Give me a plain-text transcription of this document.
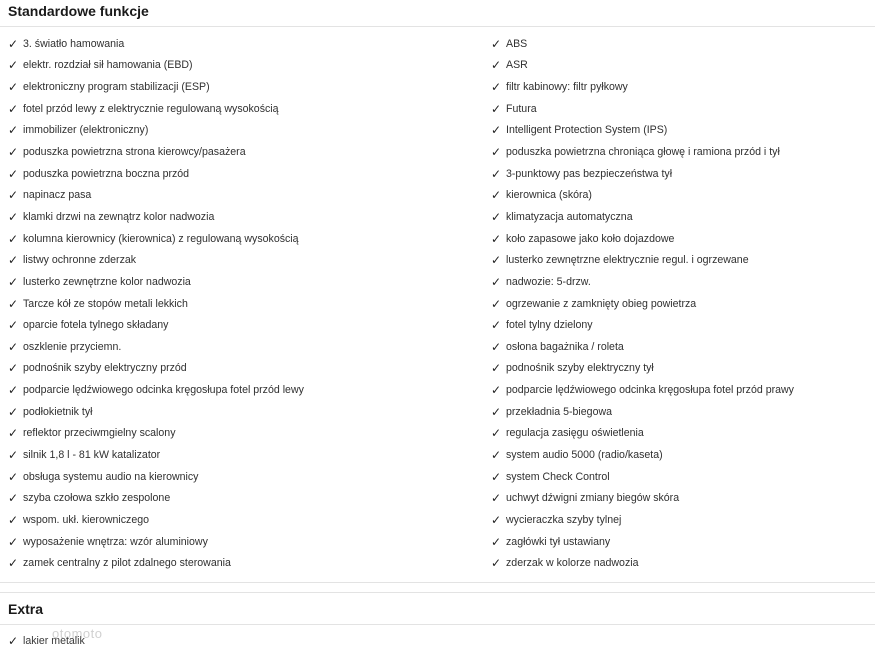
Standardowe funkcje
✓ 3. światło hamowania
✓ elektr. rozdział sił hamowania (EBD)
✓ elektroniczny program stabilizacji (ESP)
✓ fotel przód lewy z elektrycznie regulowaną wysokością
✓ immobilizer (elektroniczny)
✓ poduszka powietrzna strona kierowcy/pasażera
✓ poduszka powietrzna boczna przód
✓ napinacz pasa
✓ klamki drzwi na zewnątrz kolor nadwozia
✓ kolumna kierownicy (kierownica) z regulowaną wysokością
✓ listwy ochronne zderzak
✓ lusterko zewnętrzne kolor nadwozia
✓ Tarcze kół ze stopów metali lekkich
✓ oparcie fotela tylnego składany
✓ oszklenie przyciemn.
✓ podnośnik szyby elektryczny przód
✓ podparcie lędźwiowego odcinka kręgosłupa fotel przód lewy
✓ podłokietnik tył
✓ reflektor przeciwmgielny scalony
✓ silnik 1,8 l - 81 kW katalizator
✓ obsługa systemu audio na kierownicy
✓ szyba czołowa szkło zespolone
✓ wspom. ukł. kierowniczego
✓ wyposażenie wnętrza: wzór aluminiowy
✓ zamek centralny z pilot zdalnego sterowania
✓ ABS
✓ ASR
✓ filtr kabinowy: filtr pyłkowy
✓ Futura
✓ Intelligent Protection System (IPS)
✓ poduszka powietrzna chroniąca głowę i ramiona przód i tył
✓ 3-punktowy pas bezpieczeństwa tył
✓ kierownica (skóra)
✓ klimatyzacja automatyczna
✓ koło zapasowe jako koło dojazdowe
✓ lusterko zewnętrzne elektrycznie regul. i ogrzewane
✓ nadwozie: 5-drzw.
✓ ogrzewanie z zamknięty obieg powietrza
✓ fotel tylny dzielony
✓ osłona bagażnika / roleta
✓ podnośnik szyby elektryczny tył
✓ podparcie lędźwiowego odcinka kręgosłupa fotel przód prawy
✓ przekładnia 5-biegowa
✓ regulacja zasięgu oświetlenia
✓ system audio 5000 (radio/kaseta)
✓ system Check Control
✓ uchwyt dźwigni zmiany biegów skóra
✓ wycieraczka szyby tylnej
✓ zagłówki tył ustawiany
✓ zderzak w kolorze nadwozia
Extra
✓ lakier metalik
otomoto
